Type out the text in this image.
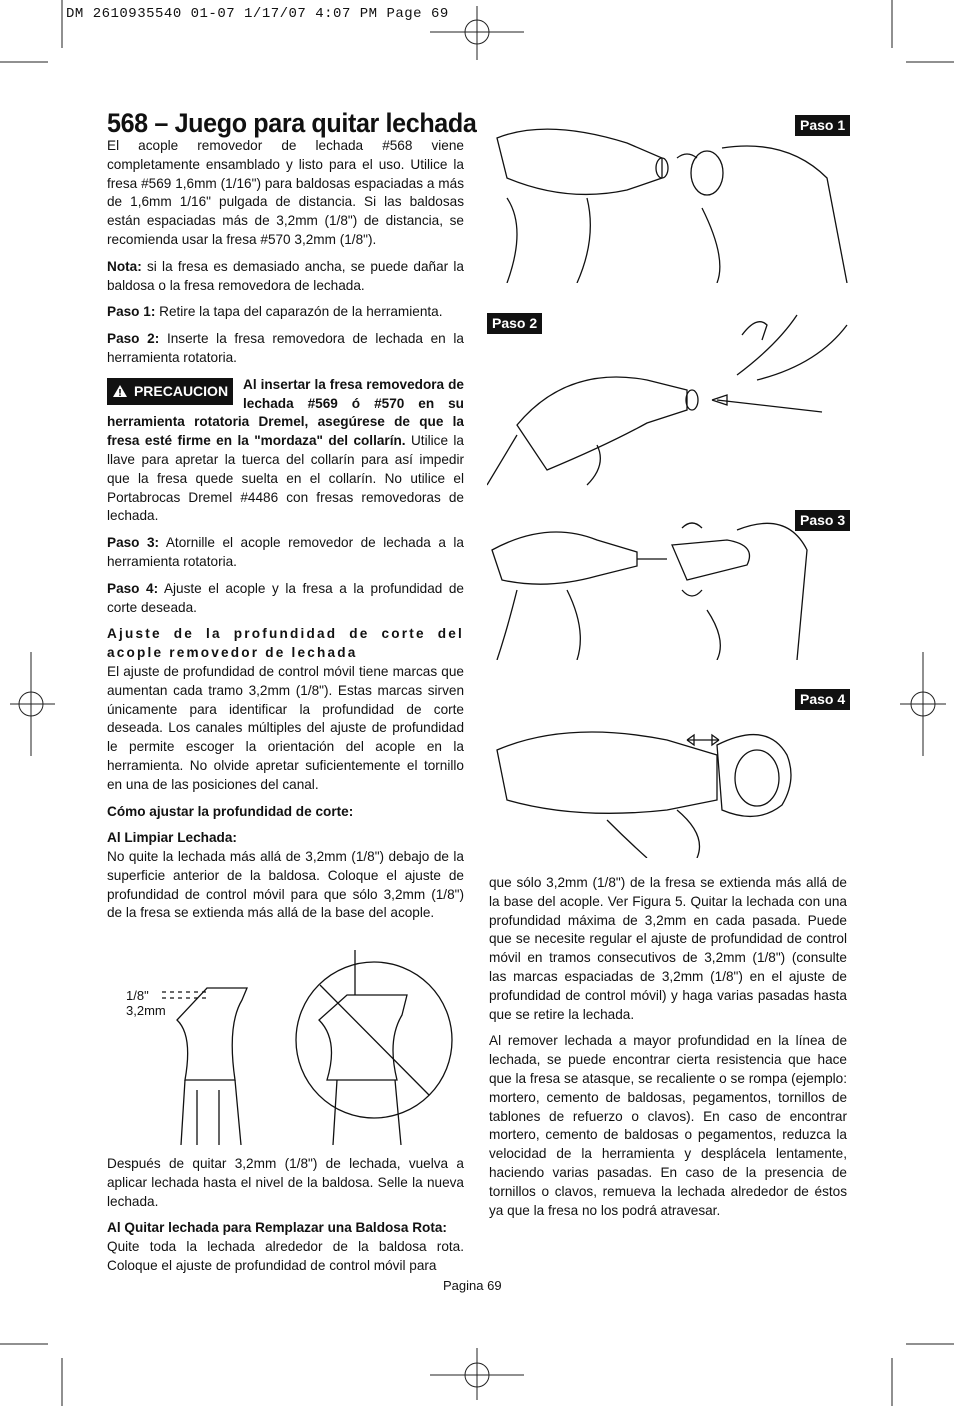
DM 2610935540 01-07 1/17/07 4:07 PM Page 69
568 – Juego para quitar lechada

El acople removedor de lechada #568 viene completamente ensamblado y listo para el uso. Utilice la fresa #569 1,6mm (1/16") para baldosas espaciadas a más de 1,6mm 1/16" pulgada de distancia. Si las baldosas están espaciadas más de 3,2mm (1/8") de distancia, se recomienda usar la fresa #570 3,2mm (1/8").

Nota: si la fresa es demasiado ancha, se puede dañar la baldosa o la fresa removedora de lechada.

Paso 1: Retire la tapa del caparazón de la herramienta.

Paso 2: Inserte la fresa removedora de lechada en la herramienta rotatoria.

PRECAUCION Al insertar la fresa removedora de lechada #569 ó #570 en su herramienta rotatoria Dremel, asegúrese de que la fresa esté firme en la "mordaza" del collarín. Utilice la llave para apretar la tuerca del collarín para así impedir que la fresa quede suelta en el collarín. No utilice el Portabrocas Dremel #4486 con fresas removedoras de lechada.

Paso 3: Atornille el acople removedor de lechada a la herramienta rotatoria.

Paso 4: Ajuste el acople y la fresa a la profundidad de corte deseada.

Ajuste de la profundidad de corte del acople removedor de lechada

El ajuste de profundidad de control móvil tiene marcas que aumentan cada tramo 3,2mm (1/8"). Estas marcas sirven únicamente para identificar la profundidad de corte deseada. Los canales múltiples del ajuste de profundidad le permite escoger la orientación del acople en la herramienta. No olvide apretar suficientemente el tornillo en una de las posiciones del canal.

Cómo ajustar la profundidad de corte:

Al Limpiar Lechada:

No quite la lechada más allá de 3,2mm (1/8") debajo de la superficie anterior de la baldosa. Coloque el ajuste de profundidad de control móvil para que sólo 3,2mm (1/8") de la fresa se extienda más allá de la base del acople.

1/8"
3,2mm

Después de quitar 3,2mm (1/8") de lechada, vuelva a aplicar lechada hasta el nivel de la baldosa. Selle la nueva lechada.

Al Quitar lechada para Remplazar una Baldosa Rota:

Quite toda la lechada alrededor de la baldosa rota. Coloque el ajuste de profundidad de control móvil para

Paso 1
Paso 2
Paso 3
Paso 4

que sólo 3,2mm (1/8") de la fresa se extienda más allá de la base del acople. Ver Figura 5. Quitar la lechada con una profundidad máxima de 3,2mm en cada pasada. Puede que se necesite regular el ajuste de profundidad de control móvil en tramos consecutivos de 3,2mm (1/8") (consulte las marcas espaciadas de 3,2mm (1/8") en el ajuste de profundidad de control móvil) y haga varias pasadas hasta que se retire la lechada.

Al remover lechada a mayor profundidad en la línea de lechada, se puede encontrar cierta resistencia que hace que la fresa se atasque, se recaliente o se rompa (ejemplo: mortero, cemento de baldosas, pegamentos, tornillos de tablones de refuerzo o clavos). En caso de encontrar mortero, cemento de baldosas o pegamentos, reduzca la velocidad de la herramienta y desplácela lentamente, haciendo varias pasadas. En caso de la presencia de tornillos o clavos, remueva la lechada alrededor de éstos ya que la fresa no los podrá atravesar.

Pagina 69
